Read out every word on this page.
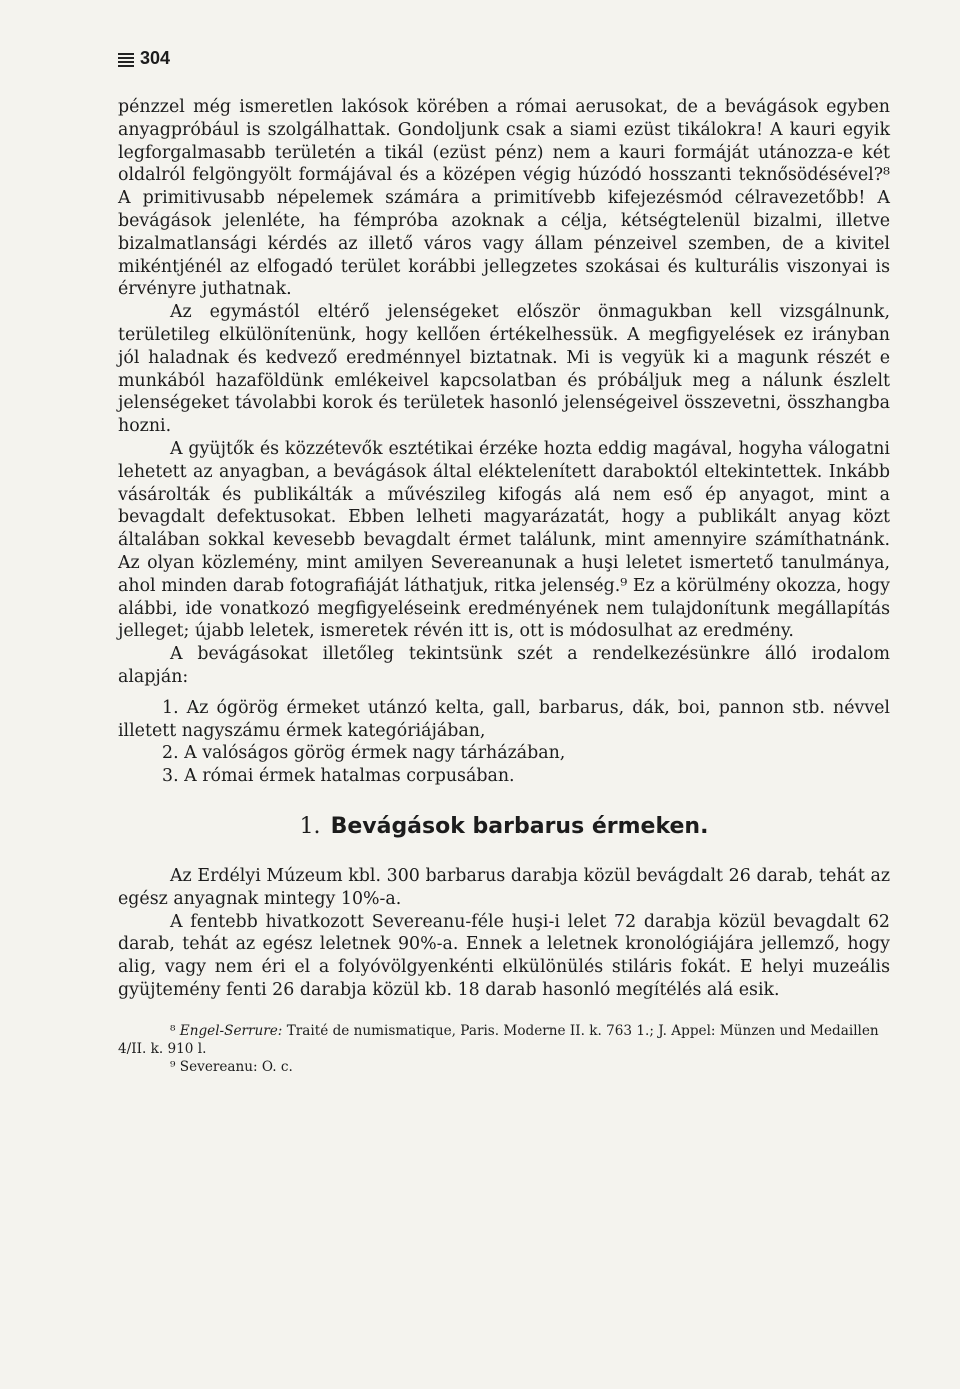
304

pénzzel még ismeretlen lakósok körében a római aerusokat, de a bevágások egyben anyagpróbául is szolgálhattak. Gondoljunk csak a siami ezüst tikálokra! A kauri egyik legforgalmasabb területén a tikál (ezüst pénz) nem a kauri formáját utánozza-e két oldalról felgöngyölt formájával és a középen végig húzódó hosszanti teknősödésével?⁸ A primitivusabb népelemek számára a primitívebb kifejezésmód célravezetőbb! A bevágások jelenléte, ha fémpróba azoknak a célja, kétségtelenül bizalmi, illetve bizalmatlansági kérdés az illető város vagy állam pénzeivel szemben, de a kivitel mikéntjénél az elfogadó terület korábbi jellegzetes szokásai és kulturális viszonyai is érvényre juthatnak.

Az egymástól eltérő jelenségeket először önmagukban kell vizsgálnunk, területileg elkülönítenünk, hogy kellően értékelhessük. A megfigyelések ez irányban jól haladnak és kedvező eredménnyel biztatnak. Mi is vegyük ki a magunk részét e munkából hazaföldünk emlékeivel kapcsolatban és próbáljuk meg a nálunk észlelt jelenségeket távolabbi korok és területek hasonló jelenségeivel összevetni, összhangba hozni.

A gyüjtők és közzétevők esztétikai érzéke hozta eddig magával, hogyha válogatni lehetett az anyagban, a bevágások által eléktelenített daraboktól eltekintettek. Inkább vásárolták és publikálták a művészileg kifogás alá nem eső ép anyagot, mint a bevagdalt defektusokat. Ebben lelheti magyarázatát, hogy a publikált anyag közt általában sokkal kevesebb bevagdalt érmet találunk, mint amennyire számíthatnánk. Az olyan közlemény, mint amilyen Severeanunak a huşi leletet ismertető tanulmánya, ahol minden darab fotografiáját láthatjuk, ritka jelenség.⁹ Ez a körülmény okozza, hogy alábbi, ide vonatkozó megfigyeléseink eredményének nem tulajdonítunk megállapítás jelleget; újabb leletek, ismeretek révén itt is, ott is módosulhat az eredmény.

A bevágásokat illetőleg tekintsünk szét a rendelkezésünkre álló irodalom alapján:

1. Az ógörög érmeket utánzó kelta, gall, barbarus, dák, boi, pannon stb. névvel illetett nagyszámu érmek kategóriájában,
2. A valóságos görög érmek nagy tárházában,
3. A római érmek hatalmas corpusában.
1. Bevágások barbarus érmeken.

Az Erdélyi Múzeum kbl. 300 barbarus darabja közül bevágdalt 26 darab, tehát az egész anyagnak mintegy 10%-a.

A fentebb hivatkozott Severeanu-féle huşi-i lelet 72 darabja közül bevagdalt 62 darab, tehát az egész leletnek 90%-a. Ennek a leletnek kronológiájára jellemző, hogy alig, vagy nem éri el a folyóvölgyenkénti elkülönülés stiláris fokát. E helyi muzeális gyüjtemény fenti 26 darabja közül kb. 18 darab hasonló megítélés alá esik.

⁸ Engel-Serrure: Traité de numismatique, Paris. Moderne II. k. 763 1.; J. Appel: Münzen und Medaillen 4/II. k. 910 l.

⁹ Severeanu: O. c.
